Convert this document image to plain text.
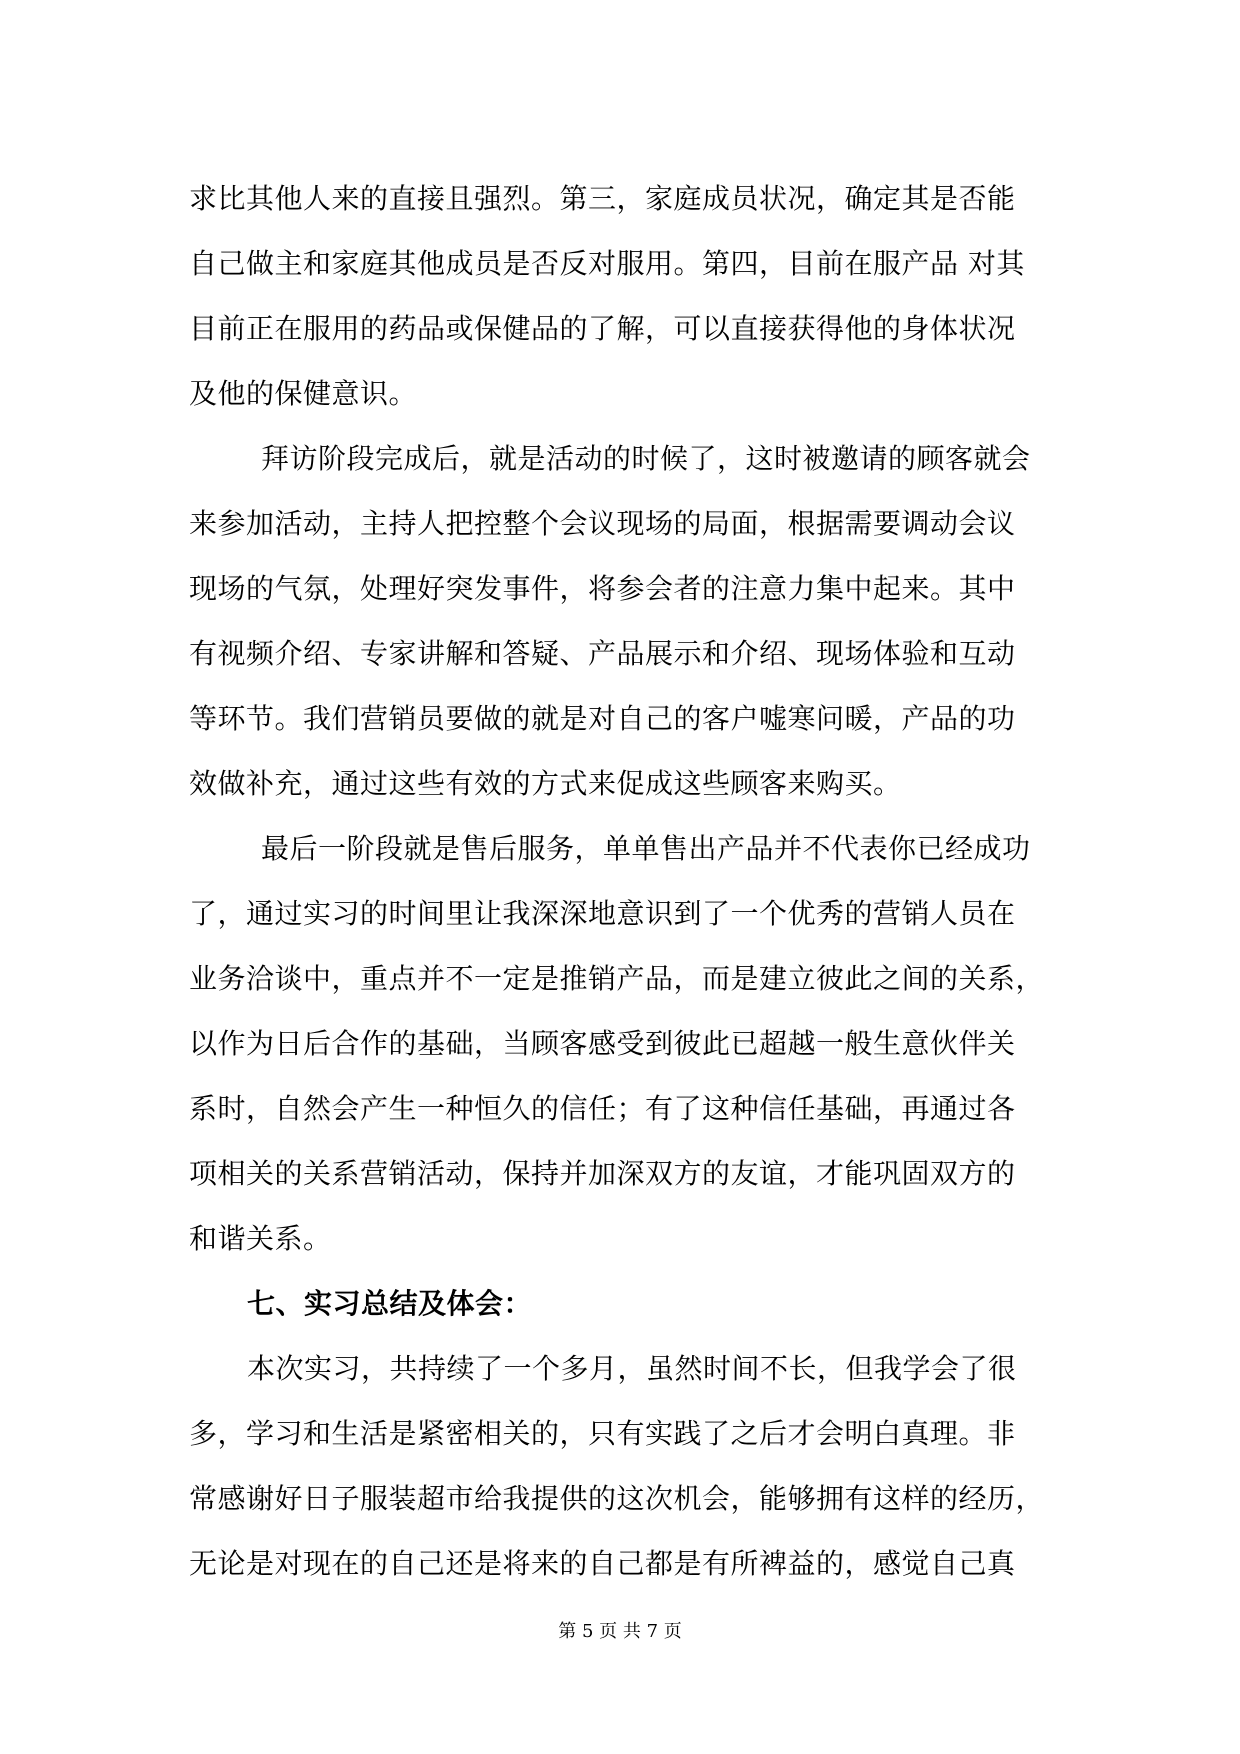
求比其他人来的直接且强烈。第三，家庭成员状况，确定其是否能
自己做主和家庭其他成员是否反对服用。第四，目前在服产品 对其
目前正在服用的药品或保健品的了解，可以直接获得他的身体状况
及他的保健意识。
拜访阶段完成后，就是活动的时候了，这时被邀请的顾客就会
来参加活动，主持人把控整个会议现场的局面，根据需要调动会议
现场的气氛，处理好突发事件，将参会者的注意力集中起来。其中
有视频介绍、专家讲解和答疑、产品展示和介绍、现场体验和互动
等环节。我们营销员要做的就是对自己的客户嘘寒问暖，产品的功
效做补充，通过这些有效的方式来促成这些顾客来购买。
最后一阶段就是售后服务，单单售出产品并不代表你已经成功
了，通过实习的时间里让我深深地意识到了一个优秀的营销人员在
业务洽谈中，重点并不一定是推销产品，而是建立彼此之间的关系，
以作为日后合作的基础，当顾客感受到彼此已超越一般生意伙伴关
系时，自然会产生一种恒久的信任；有了这种信任基础，再通过各
项相关的关系营销活动，保持并加深双方的友谊，才能巩固双方的
和谐关系。
七、实习总结及体会：
本次实习，共持续了一个多月，虽然时间不长，但我学会了很
多，学习和生活是紧密相关的，只有实践了之后才会明白真理。非
常感谢好日子服装超市给我提供的这次机会，能够拥有这样的经历，
无论是对现在的自己还是将来的自己都是有所裨益的，感觉自己真
第 5 页 共 7 页
